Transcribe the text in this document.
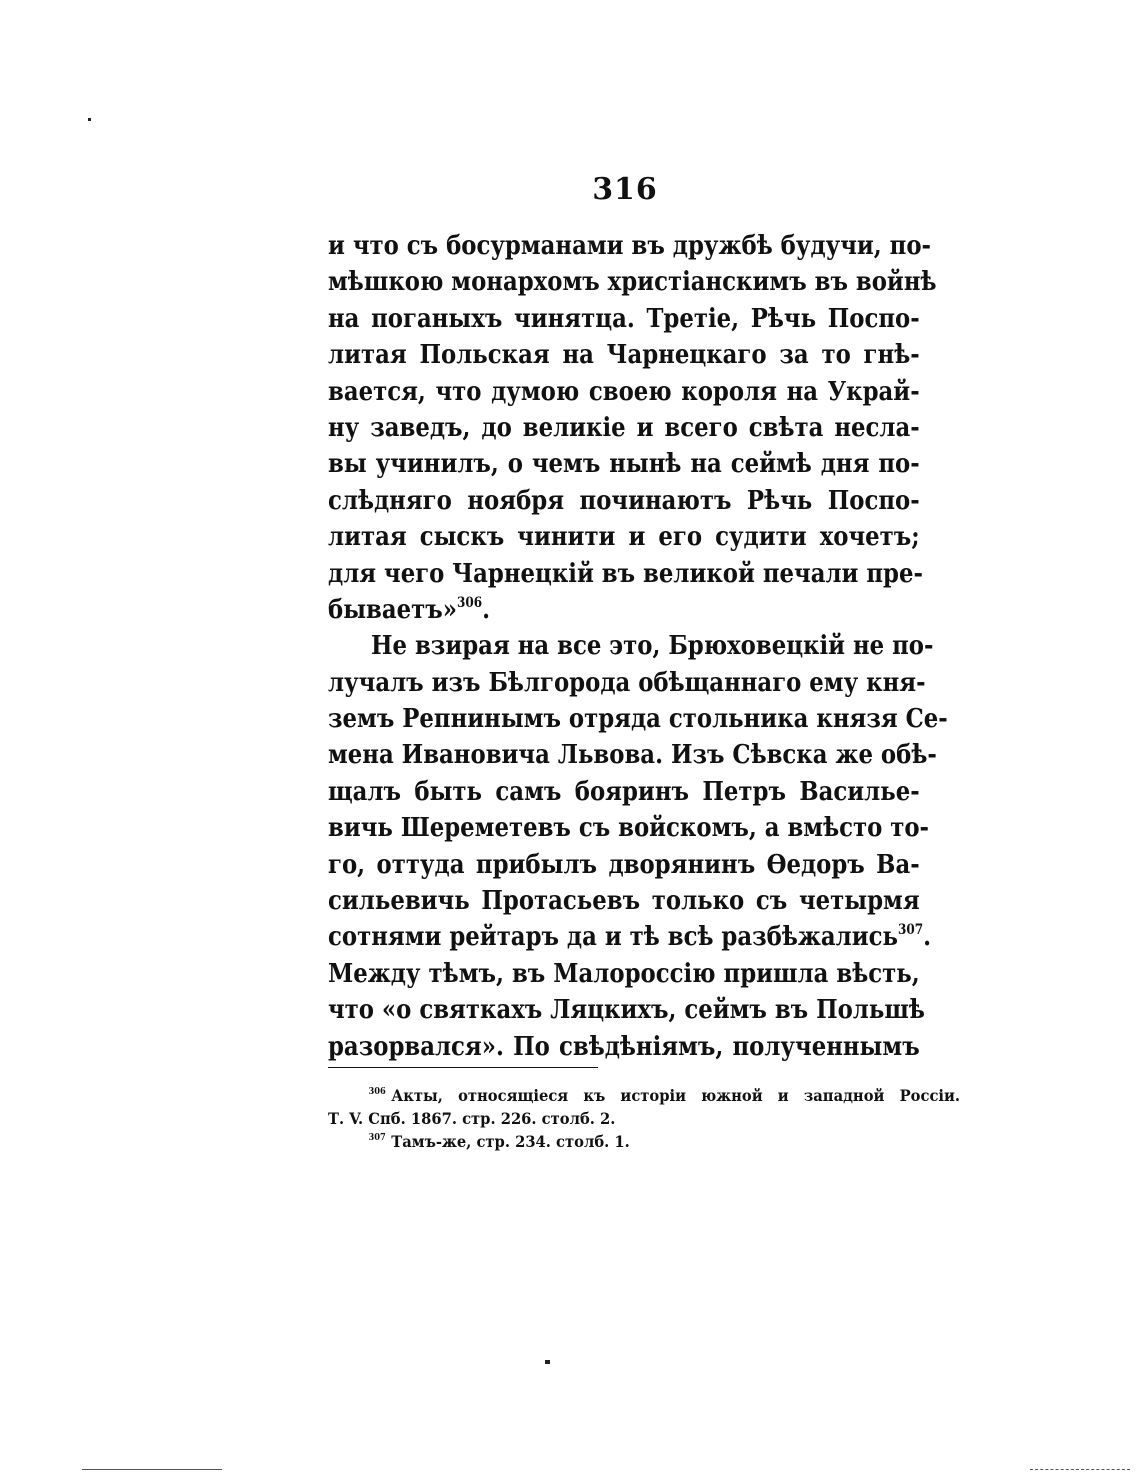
316
и что съ босурманами въ дружбѣ будучи, по-
мѣшкою монархомъ христіанскимъ въ войнѣ
на поганыхъ чинятца. Третіе, Рѣчь Поспо-
литая Польская на Чарнецкаго за то гнѣ-
вается, что думою своею короля на Украй-
ну заведъ, до великіе и всего свѣта несла-
вы учинилъ, о чемъ нынѣ на сеймѣ дня по-
слѣдняго ноября починаютъ Рѣчь Поспо-
литая сыскъ чинити и его судити хочетъ;
для чего Чарнецкій въ великой печали пре-
бываетъ»$^{306}$.
Не взирая на все это, Брюховецкій не по-
лучалъ изъ Бѣлгорода обѣщаннаго ему кня-
земъ Репнинымъ отряда стольника князя Се-
мена Ивановича Львова. Изъ Сѣвска же обѣ-
щалъ быть самъ бояринъ Петръ Василье-
вичь Шереметевъ съ войскомъ, а вмѣсто то-
го, оттуда прибылъ дворянинъ Ѳедоръ Ва-
сильевичь Протасьевъ только съ четырмя
сотнями рейтаръ да и тѣ всѣ разбѣжались$^{307}$.
Между тѣмъ, въ Малороссію пришла вѣсть,
что «о святкахъ Ляцкихъ, сеймъ въ Польшѣ
разорвался». По свѣдѣніямъ, полученнымъ
$^{306}$ Акты, относящіеся къ исторіи южной и западной Россіи.
Т. V. Спб. 1867. стр. 226. столб. 2.
$^{307}$ Тамъ-же, стр. 234. столб. 1.
